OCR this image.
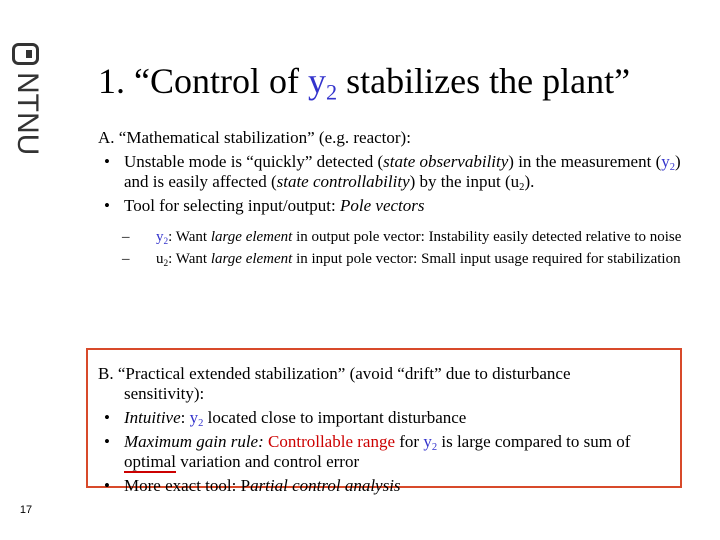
NTNU
17
1. “Control of $y_2$ stabilizes the plant”
A. “Mathematical stabilization” (e.g. reactor):
• Unstable mode is “quickly” detected (state observability) in the measurement $(y_2)$ and is easily affected (state controllability) by the input $(u_2)$.
• Tool for selecting input/output: Pole vectors
– $y_2$: Want large element in output pole vector: Instability easily detected relative to noise
– $u_2$: Want large element in input pole vector: Small input usage required for stabilization
B. “Practical extended stabilization” (avoid “drift” due to disturbance
sensitivity):
• Intuitive: $y_2$ located close to important disturbance
• Maximum gain rule: Controllable range for $y_2$ is large compared to sum of optimal variation and control error
• More exact tool: Partial control analysis
